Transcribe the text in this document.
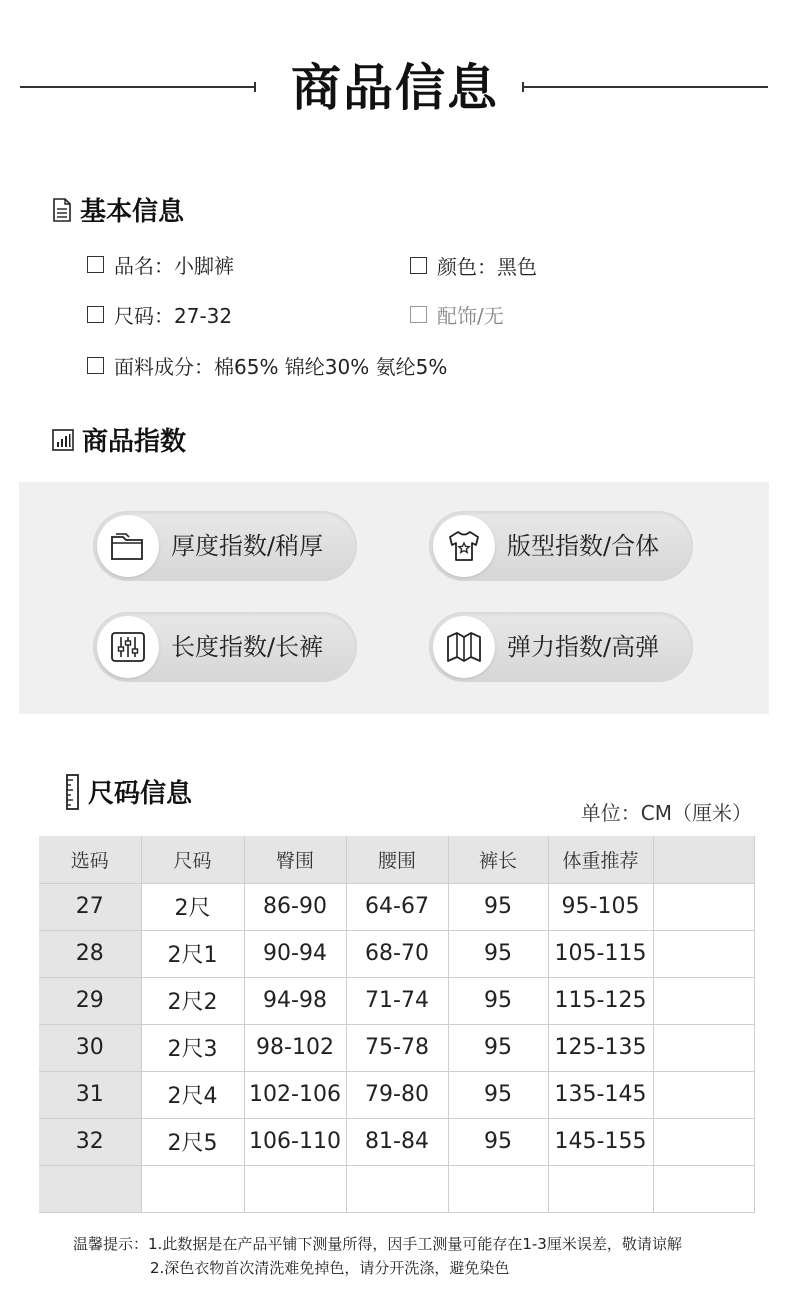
商品信息
基本信息
品名：小脚裤	颜色：黑色
尺码：27-32	配饰/无
面料成分：棉65% 锦纶30% 氨纶5%
商品指数
厚度指数/稍厚	版型指数/合体
长度指数/长裤	弹力指数/高弹
尺码信息
单位：CM（厘米）
选码	尺码	臀围	腰围	裤长	体重推荐	
27	2尺	86-90	64-67	95	95-105	
28	2尺1	90-94	68-70	95	105-115	
29	2尺2	94-98	71-74	95	115-125	
30	2尺3	98-102	75-78	95	125-135	
31	2尺4	102-106	79-80	95	135-145	
32	2尺5	106-110	81-84	95	145-155	

温馨提示： 1.此数据是在产品平铺下测量所得，因手工测量可能存在1-3厘米误差，敬请谅解
2.深色衣物首次清洗难免掉色，请分开洗涤，避免染色
